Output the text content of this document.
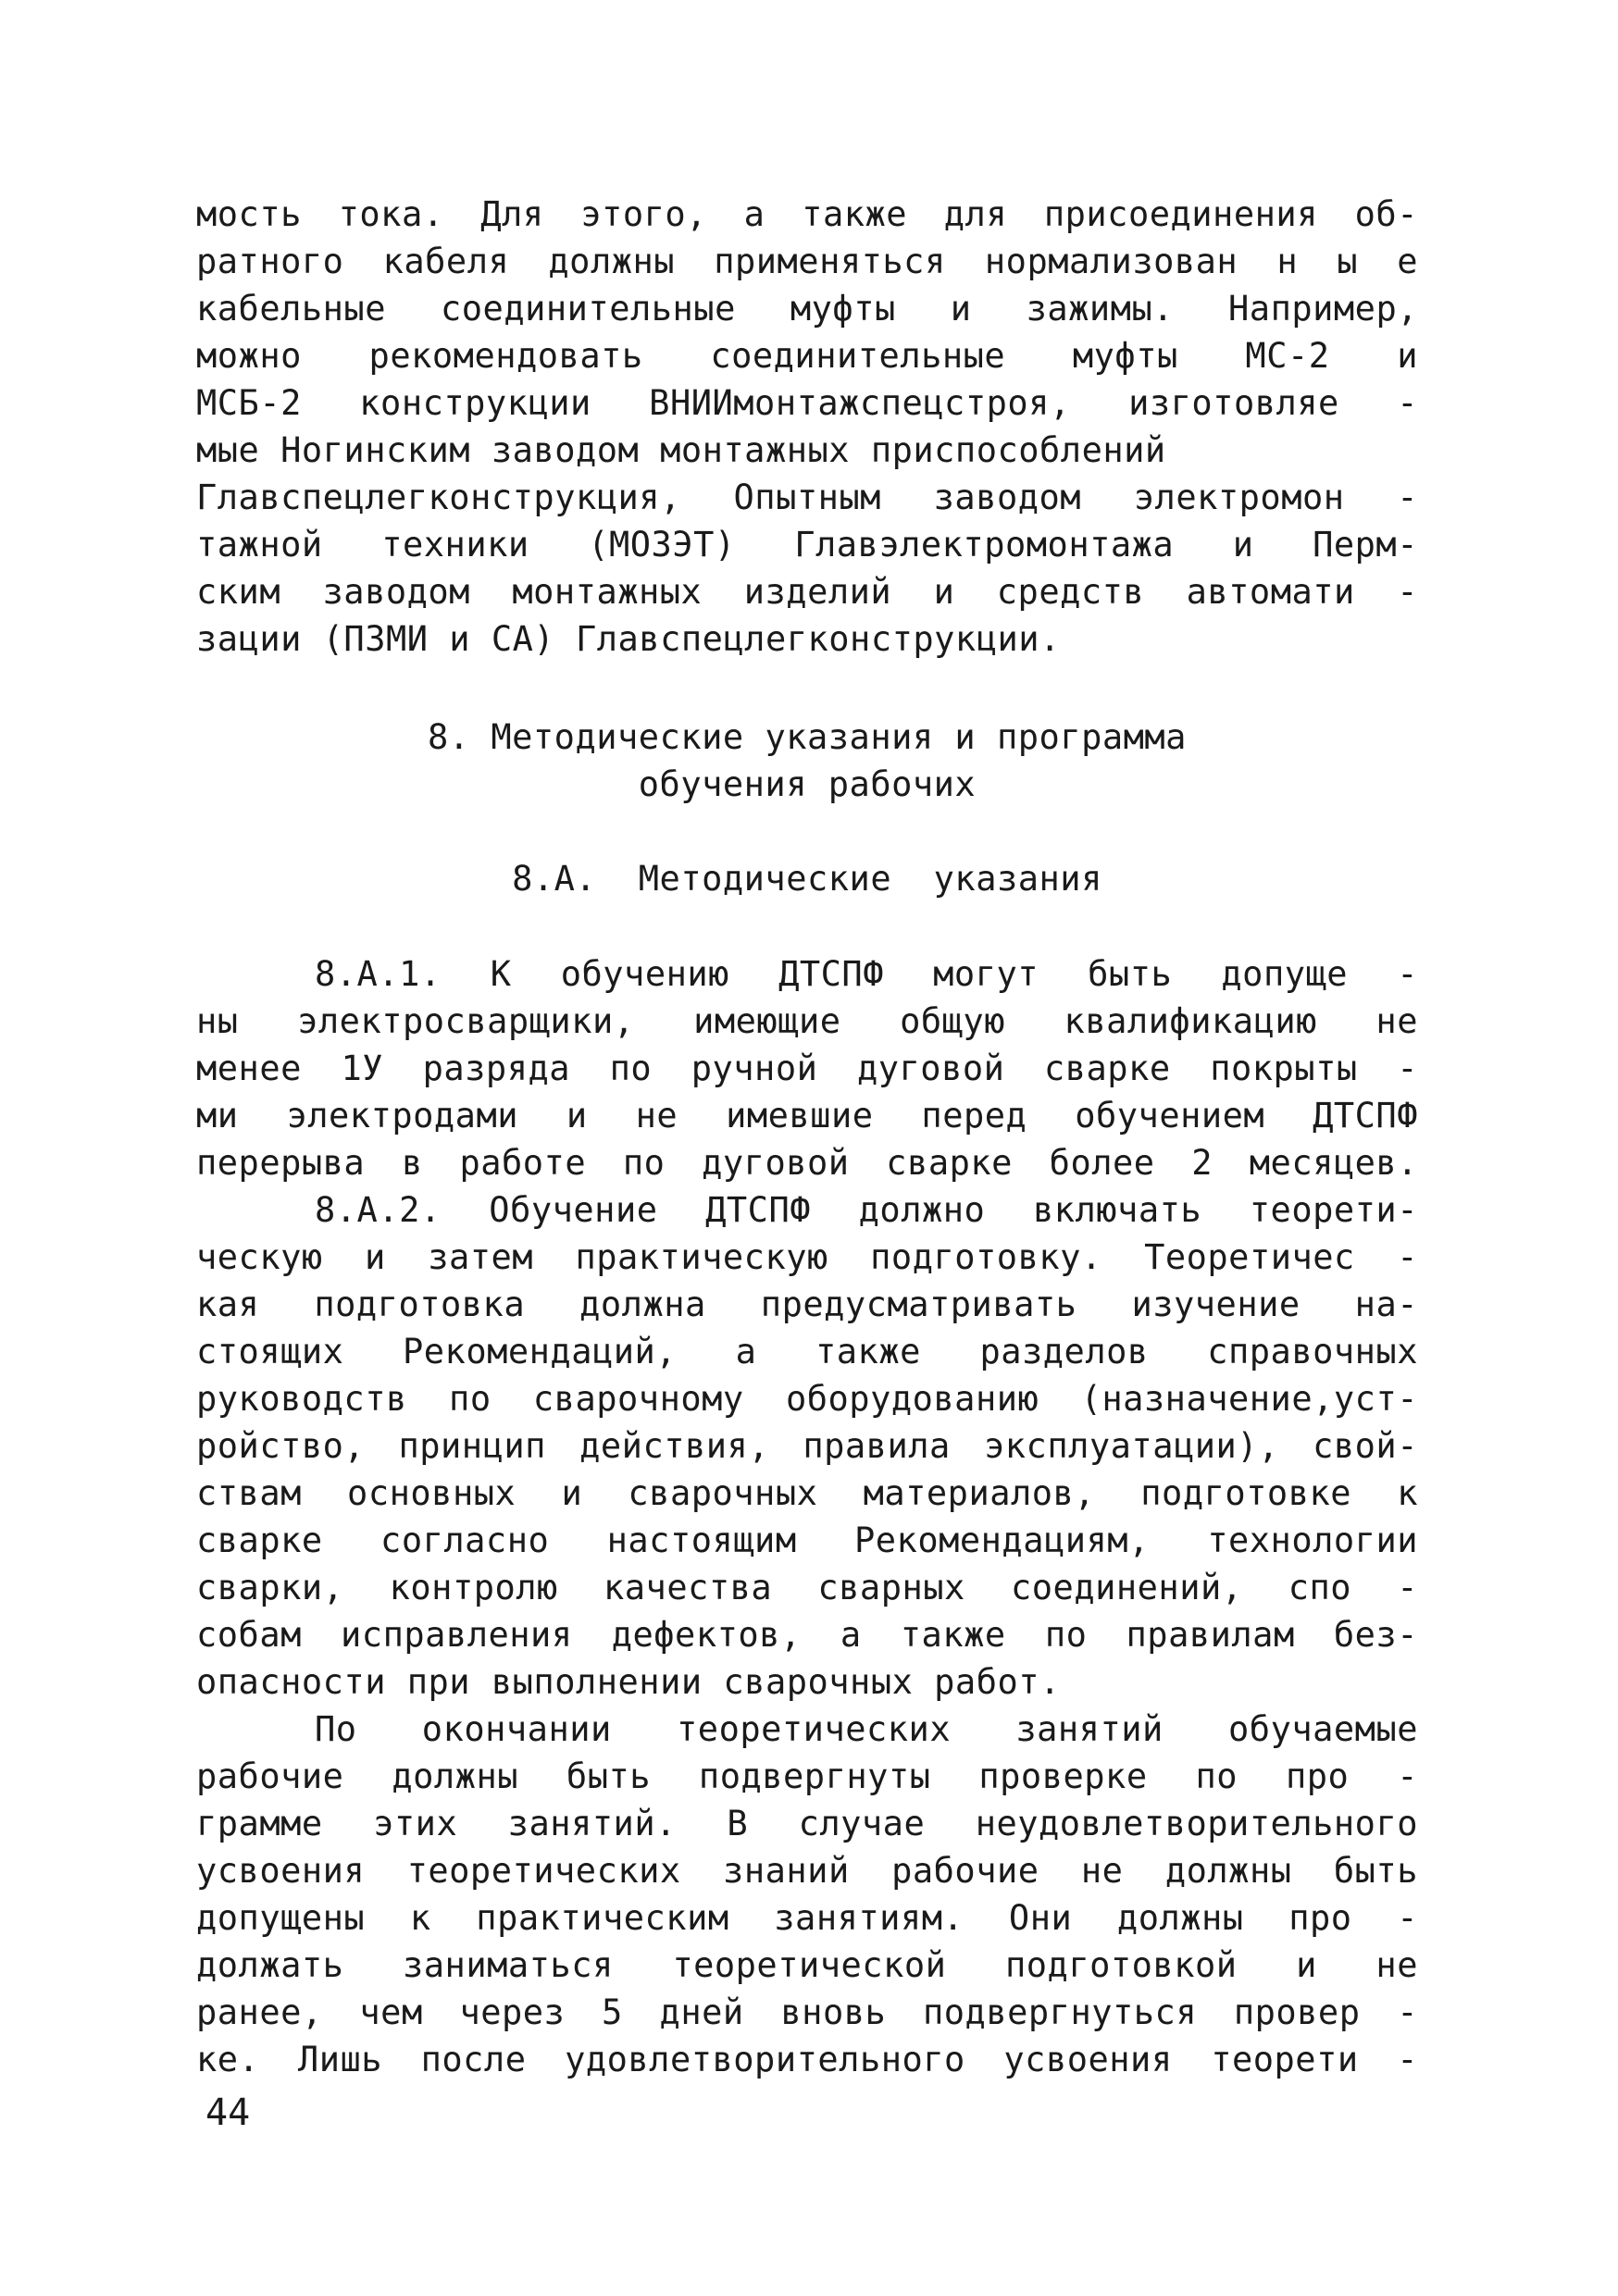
мость тока. Для этого, а также для присоединения об-
ратного кабеля должны применяться нормализован н ы е
кабельные соединительные муфты и зажимы. Например,
можно рекомендовать соединительные муфты МС-2 и
МСБ-2 конструкции ВНИИмонтажспецстроя, изготовляе -
мые Ногинским заводом монтажных приспособлений
Главспецлегконструкция, Опытным заводом электромон -
тажной техники (МОЗЭТ) Главэлектромонтажа и Перм-
ским заводом монтажных изделий и средств автомати -
зации (ПЗМИ и СА) Главспецлегконструкции.
8. Методические указания и программа
обучения рабочих
8.А.  Методические  указания
8.А.1. К обучению ДТСПФ могут быть допуще -
ны электросварщики, имеющие общую квалификацию не
менее 1У разряда по ручной дуговой сварке покрыты -
ми электродами и не имевшие перед обучением ДТСПФ
перерыва в работе по дуговой сварке более 2 месяцев.
8.А.2. Обучение ДТСПФ должно включать теорети-
ческую и затем практическую подготовку. Теоретичес -
кая подготовка должна предусматривать изучение на-
стоящих Рекомендаций, а также разделов справочных
руководств по сварочному оборудованию (назначение,уст-
ройство, принцип действия, правила эксплуатации), свой-
ствам основных и сварочных материалов, подготовке к
сварке согласно настоящим Рекомендациям, технологии
сварки, контролю качества сварных соединений, спо -
собам исправления дефектов, а также по правилам без-
опасности при выполнении сварочных работ.
По окончании теоретических занятий обучаемые
рабочие должны быть подвергнуты проверке по про -
грамме этих занятий. В случае неудовлетворительного
усвоения теоретических знаний рабочие не должны быть
допущены к практическим занятиям. Они должны про -
должать заниматься теоретической подготовкой и не
ранее, чем через 5 дней вновь подвергнуться провер -
ке. Лишь после удовлетворительного усвоения теорети -
44
